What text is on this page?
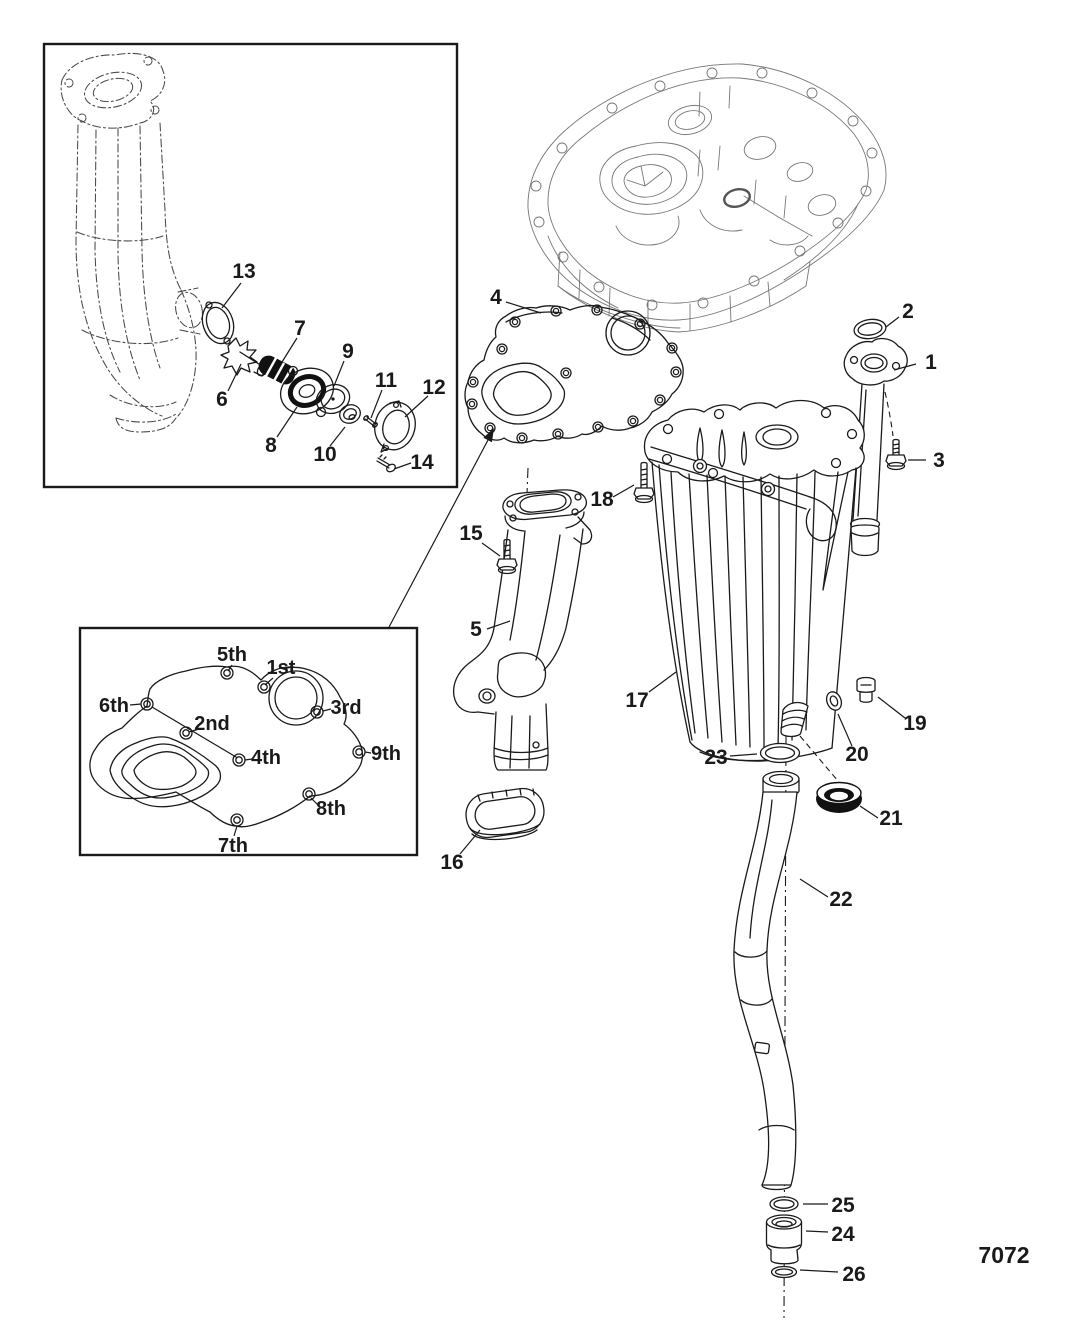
13
7
9
11 12
6
8 10	14
4
1
2
3
17
5
15
18
16
19
20
21
22
23
25
24
26
5th
1st
6th
2nd
3rd
4th	9th
8th
7th
7072
